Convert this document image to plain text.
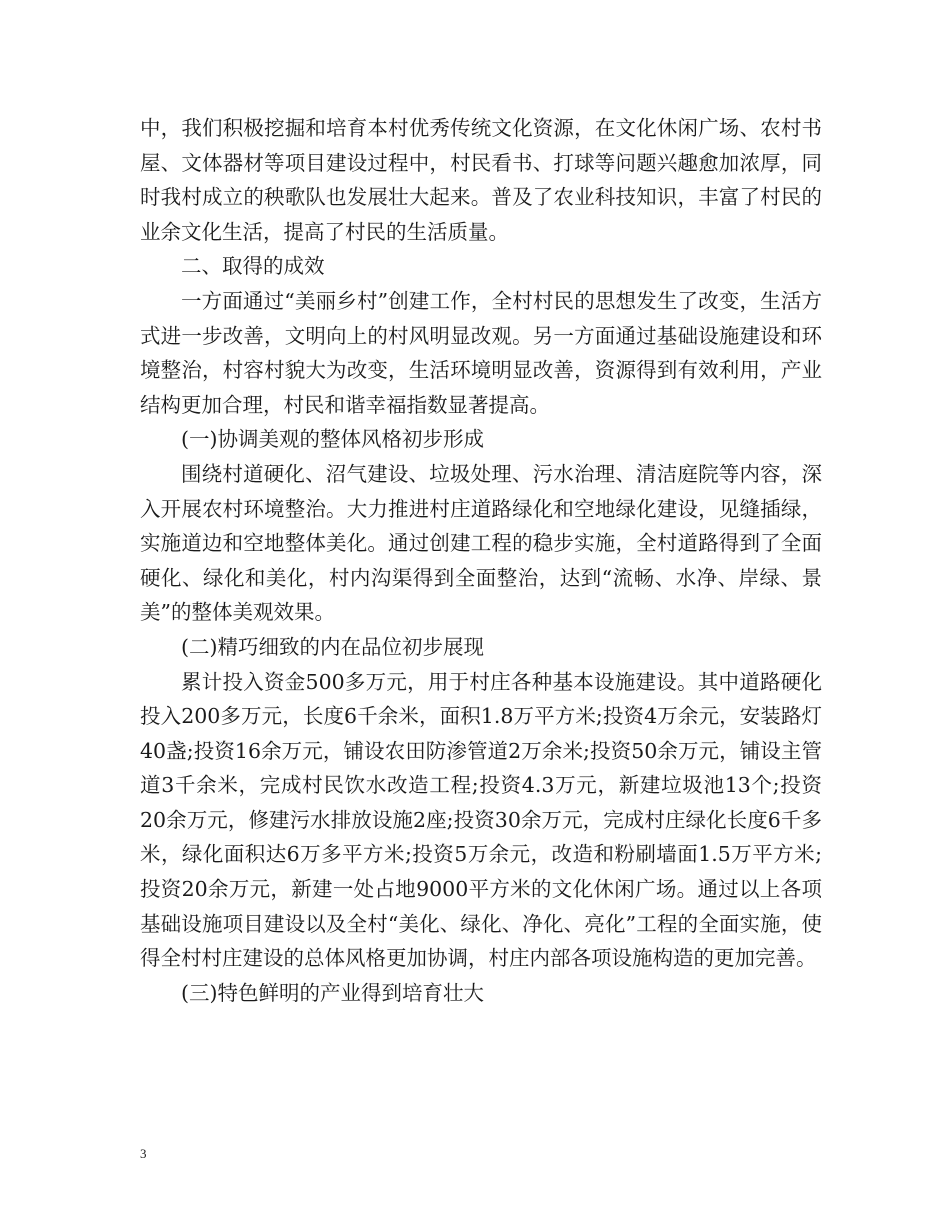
中，我们积极挖掘和培育本村优秀传统文化资源，在文化休闲广场、农村书屋、文体器材等项目建设过程中，村民看书、打球等问题兴趣愈加浓厚，同时我村成立的秧歌队也发展壮大起来。普及了农业科技知识，丰富了村民的业余文化生活，提高了村民的生活质量。

二、取得的成效

一方面通过“美丽乡村”创建工作，全村村民的思想发生了改变，生活方式进一步改善，文明向上的村风明显改观。另一方面通过基础设施建设和环境整治，村容村貌大为改变，生活环境明显改善，资源得到有效利用，产业结构更加合理，村民和谐幸福指数显著提高。

(一)协调美观的整体风格初步形成

围绕村道硬化、沼气建设、垃圾处理、污水治理、清洁庭院等内容，深入开展农村环境整治。大力推进村庄道路绿化和空地绿化建设，见缝插绿，实施道边和空地整体美化。通过创建工程的稳步实施，全村道路得到了全面硬化、绿化和美化，村内沟渠得到全面整治，达到“流畅、水净、岸绿、景美”的整体美观效果。

(二)精巧细致的内在品位初步展现

累计投入资金500多万元，用于村庄各种基本设施建设。其中道路硬化投入200多万元，长度6千余米，面积1.8万平方米;投资4万余元，安装路灯40盏;投资16余万元，铺设农田防渗管道2万余米;投资50余万元，铺设主管道3千余米，完成村民饮水改造工程;投资4.3万元，新建垃圾池13个;投资20余万元，修建污水排放设施2座;投资30余万元，完成村庄绿化长度6千多米，绿化面积达6万多平方米;投资5万余元，改造和粉刷墙面1.5万平方米;投资20余万元，新建一处占地9000平方米的文化休闲广场。通过以上各项基础设施项目建设以及全村“美化、绿化、净化、亮化”工程的全面实施，使得全村村庄建设的总体风格更加协调，村庄内部各项设施构造的更加完善。

(三)特色鲜明的产业得到培育壮大

3
